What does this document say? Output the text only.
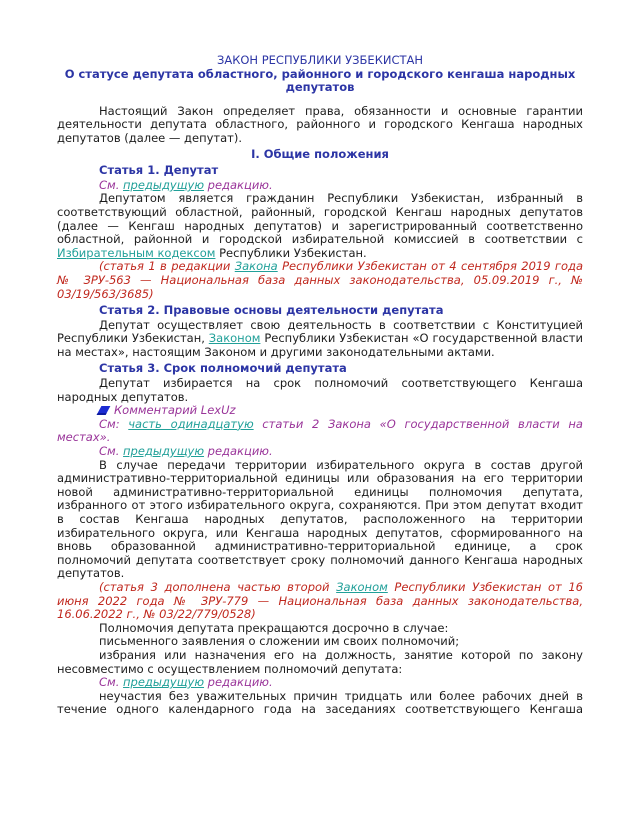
ЗАКОН РЕСПУБЛИКИ УЗБЕКИСТАН
О статусе депутата областного, районного и городского кенгаша народных депутатов

Настоящий Закон определяет права, обязанности и основные гарантии деятельности депутата областного, районного и городского Кенгаша народных депутатов (далее — депутат).

I. Общие положения
Статья 1. Депутат

См. предыдущую редакцию.

Депутатом является гражданин Республики Узбекистан, избранный в соответствующий областной, районный, городской Кенгаш народных депутатов (далее — Кенгаш народных депутатов) и зарегистрированный соответственно областной, районной и городской избирательной комиссией в соответствии с Избирательным кодексом Республики Узбекистан.

(статья 1 в редакции Закона Республики Узбекистан от 4 сентября 2019 года № ЗРУ-563 — Национальная база данных законодательства, 05.09.2019 г., № 03/19/563/3685)

Статья 2. Правовые основы деятельности депутата

Депутат осуществляет свою деятельность в соответствии с Конституцией Республики Узбекистан, Законом Республики Узбекистан «О государственной власти на местах», настоящим Законом и другими законодательными актами.

Статья 3. Срок полномочий депутата

Депутат избирается на срок полномочий соответствующего Кенгаша народных депутатов.

Комментарий LexUz

См: часть одинадцатую статьи 2 Закона «О государственной власти на местах».

См. предыдущую редакцию.

В случае передачи территории избирательного округа в состав другой административно-территориальной единицы или образования на его территории новой административно-территориальной единицы полномочия депутата, избранного от этого избирательного округа, сохраняются. При этом депутат входит в состав Кенгаша народных депутатов, расположенного на территории избирательного округа, или Кенгаша народных депутатов, сформированного на вновь образованной административно-территориальной единице, а срок полномочий депутата соответствует сроку полномочий данного Кенгаша народных депутатов.

(статья 3 дополнена частью второй Законом Республики Узбекистан от 16 июня 2022 года № ЗРУ-779 — Национальная база данных законодательства, 16.06.2022 г., № 03/22/779/0528)

Полномочия депутата прекращаются досрочно в случае:

письменного заявления о сложении им своих полномочий;

избрания или назначения его на должность, занятие которой по закону несовместимо с осуществлением полномочий депутата:

См. предыдущую редакцию.

неучастия без уважительных причин тридцать или более рабочих дней в течение одного календарного года на заседаниях соответствующего Кенгаша
